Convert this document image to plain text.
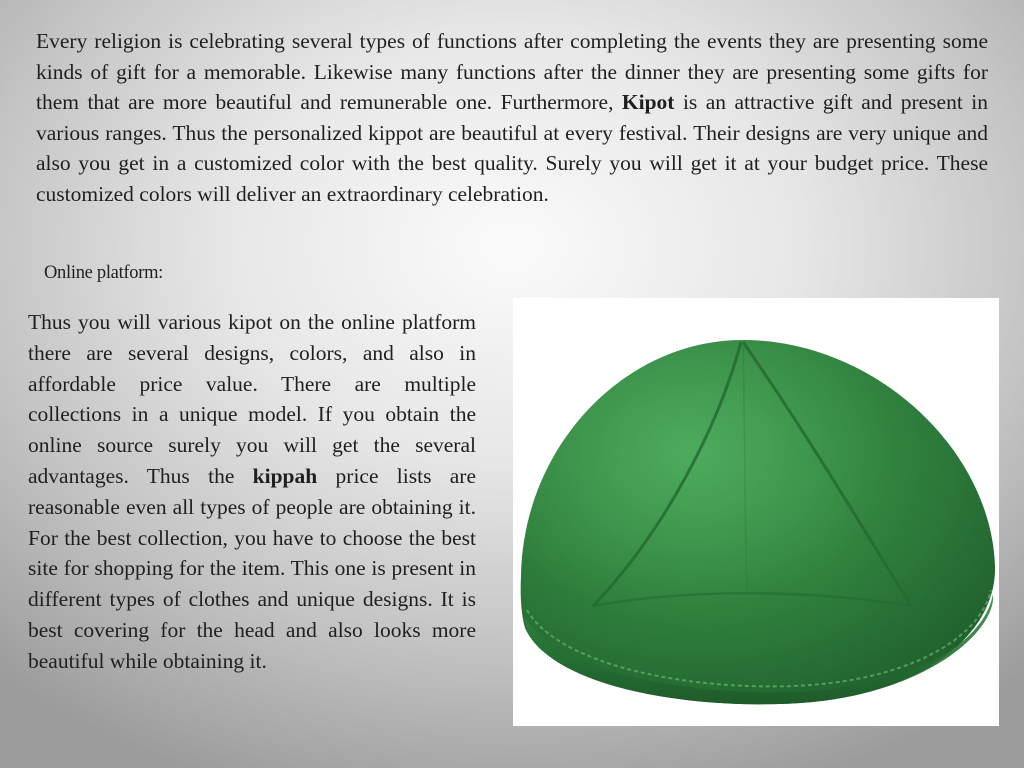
Every religion is celebrating several types of functions after completing the events they are presenting some kinds of gift for a memorable. Likewise many functions after the dinner they are presenting some gifts for them that are more beautiful and remunerable one. Furthermore, Kipot is an attractive gift and present in various ranges. Thus the personalized kippot are beautiful at every festival. Their designs are very unique and also you get in a customized color with the best quality. Surely you will get it at your budget price. These customized colors will deliver an extraordinary celebration.

Online platform:

Thus you will various kipot on the online platform there are several designs, colors, and also in affordable price value. There are multiple collections in a unique model. If you obtain the online source surely you will get the several advantages. Thus the kippah price lists are reasonable even all types of people are obtaining it. For the best collection, you have to choose the best site for shopping for the item. This one is present in different types of clothes and unique designs. It is best covering for the head and also looks more beautiful while obtaining it.
